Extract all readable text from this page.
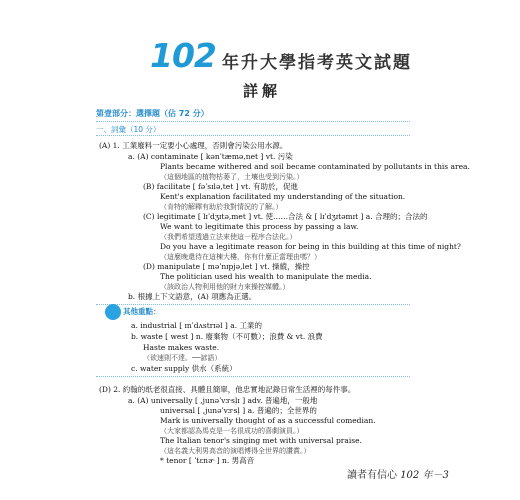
102 年升大學指考英文試題
詳解
第壹部分：選擇題（佔 72 分）
一、詞彙（10 分）
(A) 1. 工業廢料一定要小心處理，否則會污染公用水源。
a. (A) contaminate [ kənˈtæmə,net ] vt. 污染
Plants became withered and soil became contaminated by pollutants in this area.
（這個地區的植物枯萎了，土壤也受到污染。）
(B) facilitate [ fəˈsɪlə,tet ] vt. 有助於，促進
Kent's explanation facilitated my understanding of the situation.
（肯特的解釋有助於我對情況的了解。）
(C) legitimate [ lɪˈdʒɪtə,met ] vt. 使……合法 & [ lɪˈdʒɪtəmɪt ] a. 合理的；合法的
We want to legitimate this process by passing a law.
（我們希望透過立法來使這一程序合法化。）
Do you have a legitimate reason for being in this building at this time of night?
（這麼晚還待在這棟大樓，你有什麼正當理由嗎？）
(D) manipulate [ məˈnɪpjə,let ] vt. 操縱，操控
The politician used his wealth to manipulate the media.
（該政治人物利用他的財力來操控媒體。）
b. 根據上下文語意，(A) 項應為正選。
其他重點：
a. industrial [ ɪnˈdʌstrɪəl ] a. 工業的
b. waste [ west ] n. 廢棄物（不可數）；浪費 & vt. 浪費
Haste makes waste.
（欲速則不達。──諺語）
c. water supply 供水（系統）
(D) 2. 約翰的纸老很直接、具體且簡單，他忠實地記錄日常生活裡的每件事。
a. (A) universally [ ,junəˈvɝsļɪ ] adv. 普遍地，一般地
universal [ ,junəˈvɝsļ ] a. 普遍的；全世界的
Mark is universally thought of as a successful comedian.
（大家都認為馬克是一名很成功的喜劇演員。）
The Italian tenor's singing met with universal praise.
（這名義大利男高音的演唱博得全世界的讚賞。）
* tenor [ ˈtɛnɚ ] n. 男高音
讀者有信心 102 年－3
